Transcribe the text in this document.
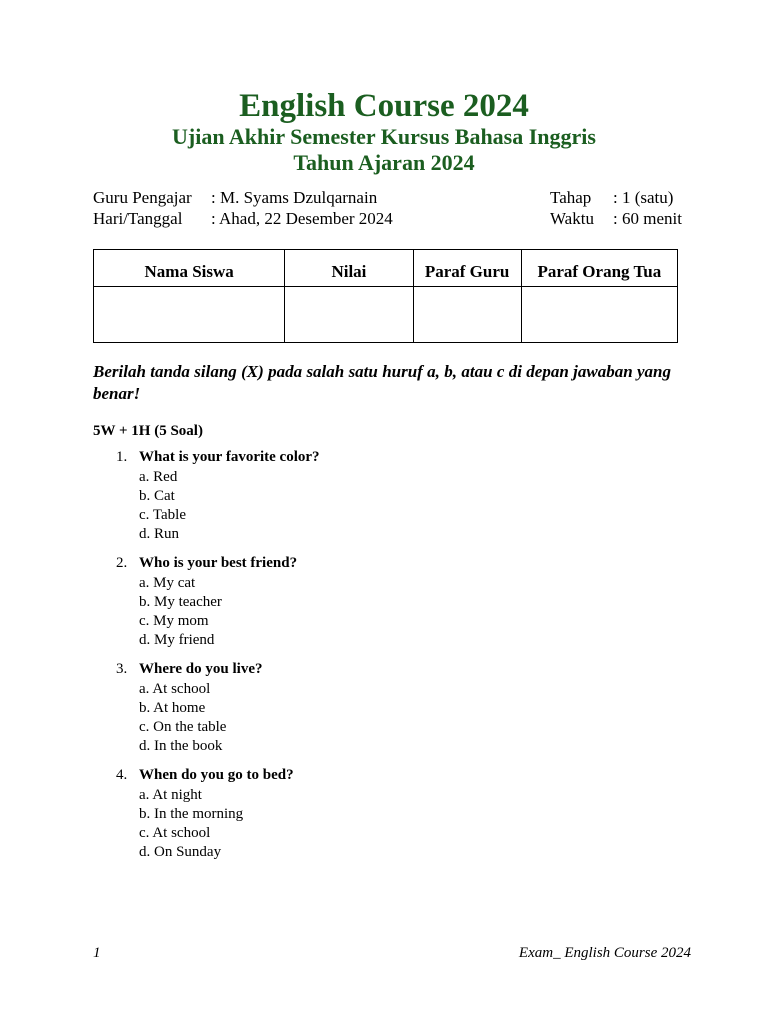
English Course 2024
Ujian Akhir Semester Kursus Bahasa Inggris
Tahun Ajaran 2024
Guru Pengajar : M. Syams Dzulqarnain
Hari/Tanggal : Ahad, 22 Desember 2024
Tahap : 1 (satu)
Waktu : 60 menit
Nama Siswa	Nilai	Paraf Guru	Paraf Orang Tua

Berilah tanda silang (X) pada salah satu huruf a, b, atau c di depan jawaban yang benar!
5W + 1H (5 Soal)
1. What is your favorite color?
a. Red
b. Cat
c. Table
d. Run
2. Who is your best friend?
a. My cat
b. My teacher
c. My mom
d. My friend
3. Where do you live?
a. At school
b. At home
c. On the table
d. In the book
4. When do you go to bed?
a. At night
b. In the morning
c. At school
d. On Sunday
1	Exam_ English Course 2024
